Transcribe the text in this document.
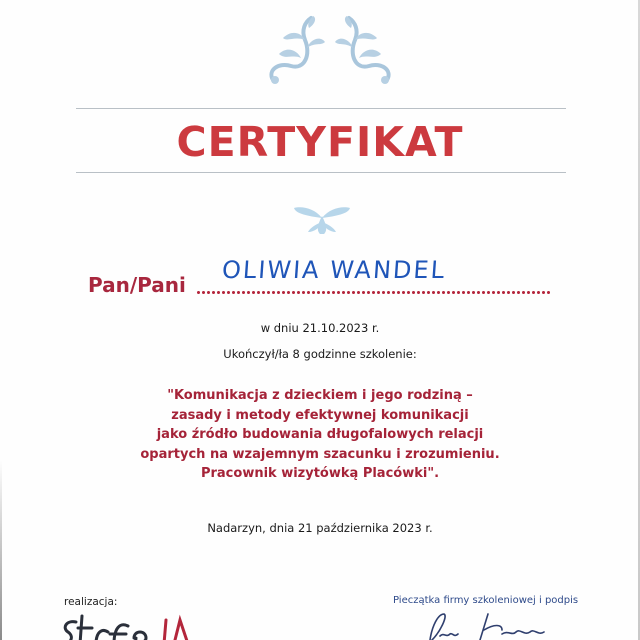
CERTYFIKAT
Pan/Pani
OLIWIA WANDEL
w dniu 21.10.2023 r.
Ukończył/ła 8 godzinne szkolenie:
"Komunikacja z dzieckiem i jego rodziną –
zasady i metody efektywnej komunikacji
jako źródło budowania długofalowych relacji
opartych na wzajemnym szacunku i zrozumieniu.
Pracownik wizytówką Placówki".
Nadarzyn, dnia 21 października 2023 r.
realizacja:	Pieczątka firmy szkoleniowej i podpis
